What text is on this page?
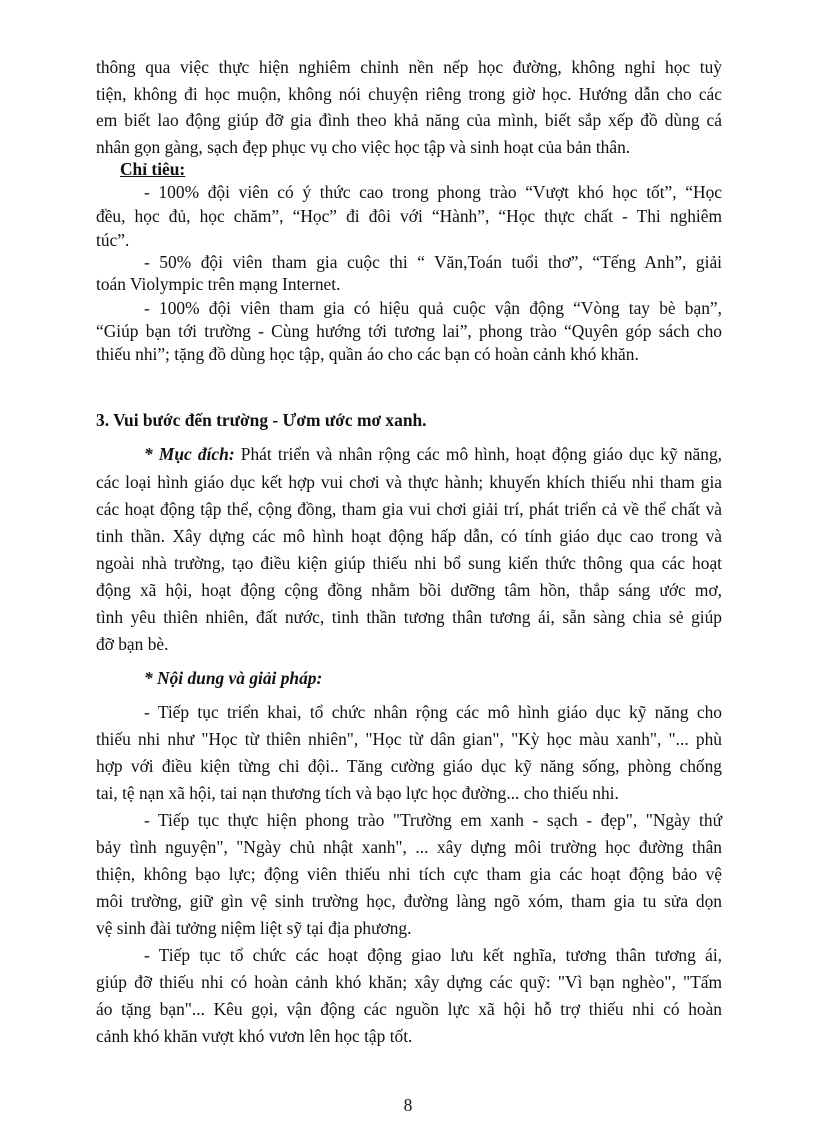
thông qua việc thực hiện nghiêm chỉnh nền nếp học đường, không nghỉ học tuỳ
tiện, không đi học muộn, không nói chuyện riêng trong giờ học. Hướng dẫn cho các
em biết lao động giúp đỡ gia đình theo khả năng của mình, biết sắp xếp đồ dùng cá
nhân gọn gàng, sạch đẹp phục vụ cho việc học tập và sinh hoạt của bản thân.
Chỉ tiêu:
- 100% đội viên có ý thức cao trong phong trào “Vượt khó học tốt”, “Học
đều, học đủ, học chăm”, “Học” đi đôi với “Hành”, “Học thực chất - Thi nghiêm
túc”.
- 50% đội viên tham gia cuộc thi “ Văn,Toán tuổi thơ”, “Tếng Anh”, giải
toán Violympic trên mạng Internet.
- 100% đội viên tham gia có hiệu quả cuộc vận động “Vòng tay bè bạn”,
“Giúp bạn tới trường - Cùng hướng tới tương lai”, phong trào “Quyên góp sách cho
thiếu nhi”; tặng đồ dùng học tập, quần áo cho các bạn có hoàn cảnh khó khăn.
3. Vui bước đến trường - Ươm ước mơ xanh.
* Mục đích: Phát triển và nhân rộng các mô hình, hoạt động giáo dục kỹ năng,
các loại hình giáo dục kết hợp vui chơi và thực hành; khuyến khích thiếu nhi tham gia
các hoạt động tập thể, cộng đồng, tham gia vui chơi giải trí, phát triển cả về thể chất và
tinh thần. Xây dựng các mô hình hoạt động hấp dẫn, có tính giáo dục cao trong và
ngoài nhà trường, tạo điều kiện giúp thiếu nhi bổ sung kiến thức thông qua các hoạt
động xã hội, hoạt động cộng đồng nhằm bồi dưỡng tâm hồn, thắp sáng ước mơ,
tình yêu thiên nhiên, đất nước, tinh thần tương thân tương ái, sẵn sàng chia sẻ giúp
đỡ bạn bè.
* Nội dung và giải pháp:
- Tiếp tục triển khai, tổ chức nhân rộng các mô hình giáo dục kỹ năng cho
thiếu nhi như "Học từ thiên nhiên", "Học từ dân gian", "Kỳ học màu xanh", "... phù
hợp với điều kiện từng chi đội.. Tăng cường giáo dục kỹ năng sống, phòng chống
tai, tệ nạn xã hội, tai nạn thương tích và bạo lực học đường... cho thiếu nhi.
- Tiếp tục thực hiện phong trào "Trường em xanh - sạch - đẹp", "Ngày thứ
bảy tình nguyện", "Ngày chủ nhật xanh", ... xây dựng môi trường học đường thân
thiện, không bạo lực; động viên thiếu nhi tích cực tham gia các hoạt động bảo vệ
môi trường, giữ gìn vệ sinh trường học, đường làng ngõ xóm, tham gia tu sửa dọn
vệ sinh đài tưởng niệm liệt sỹ tại địa phương.
- Tiếp tục tổ chức các hoạt động giao lưu kết nghĩa, tương thân tương ái,
giúp đỡ thiếu nhi có hoàn cảnh khó khăn; xây dựng các quỹ: "Vì bạn nghèo", "Tấm
áo tặng bạn"... Kêu gọi, vận động các nguồn lực xã hội hỗ trợ thiếu nhi có hoàn
cảnh khó khăn vượt khó vươn lên học tập tốt.
8
